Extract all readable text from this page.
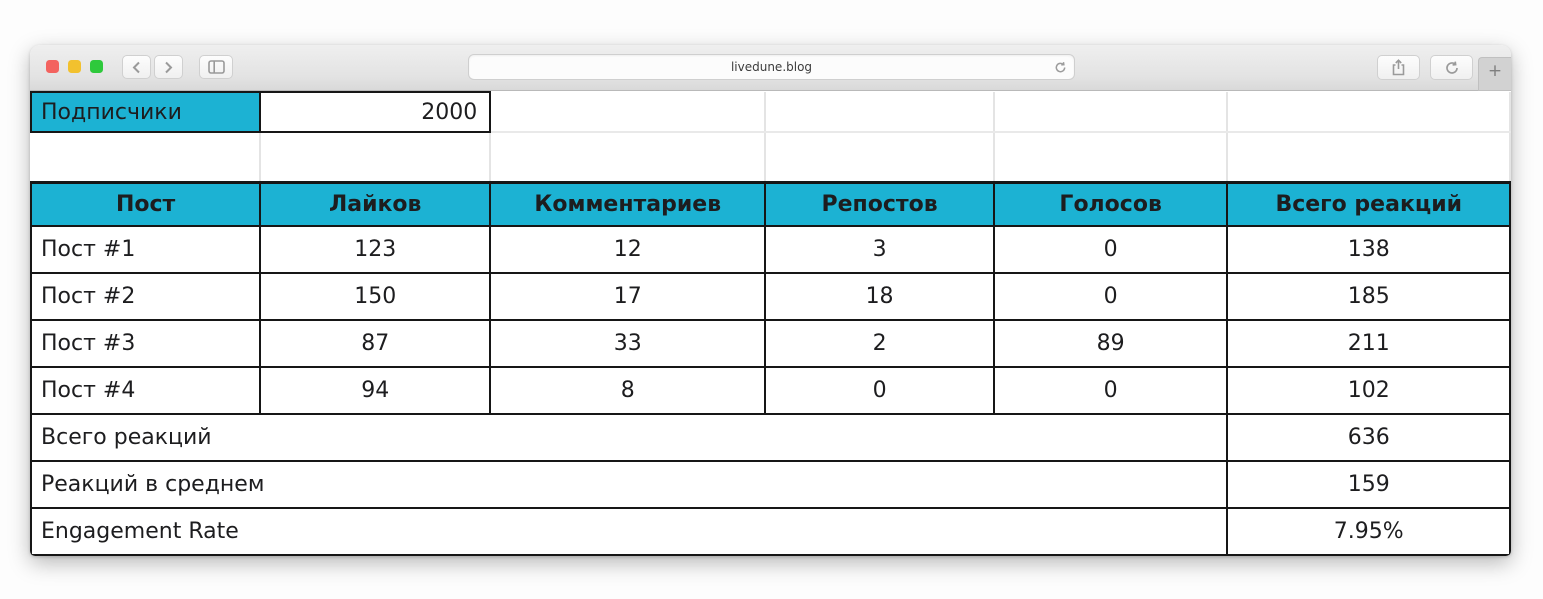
livedune.blog	+
Подписчики	2000				

Пост	Лайков	Комментариев	Репостов	Голосов	Всего реакций
Пост #1	123	12	3	0	138
Пост #2	150	17	18	0	185
Пост #3	87	33	2	89	211
Пост #4	94	8	0	0	102
Всего реакций					636
Реакций в среднем					159
Engagement Rate					7.95%
